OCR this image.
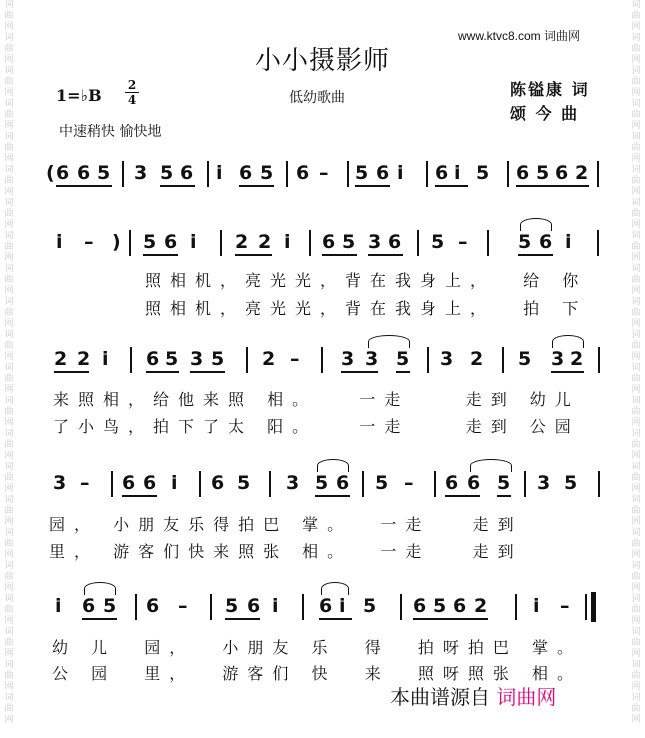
词
曲
网
词
曲
网
词
曲
网
词
曲
网
词
曲
网
词
曲
网
词
曲
网
词
曲
网
词
曲
网
词
曲
网
词
曲
网
词
曲
网
词
曲
网
词
曲
网
词
曲
网
词
曲
网
词
曲
网
词
曲
网
词
曲
网
词
曲
网
词
曲
网
词
曲
网
词
曲
网
词
曲
网
词
曲
网
词
曲
网
词
曲
网
词
曲
网
词
曲
网
词
曲
网
词
曲
网
词
曲
网
词
曲
网
词
曲
网
词
曲
网
词
曲
网
词
曲
网
词
曲
网
词
曲
网
词
曲
网
词
曲
网
词
曲
网
词
曲
网
词
曲
网
www.ktvc8.com 词曲网
小小摄影师
1=♭B
2
4	低幼歌曲	陈镒康 词
颂 今 曲
中速稍快 愉快地
( 6 6 5 3 5 6 i 6 5 6 – 5 6 i 6 i 5 6 5 6 2
i – ) 5 6 i 2 2 i 6 5 3 6 5 –	5 6 i
照相机，亮光光，背在我身上，  给 你
照相机，亮光光，背在我身上，  拍 下
2 2 i 6 5 3 5 2 – 3 3 5 3 2 5 3 2
来照相，给他来照 相。   一走    走到 幼儿
了小鸟，拍下了太 阳。   一走    走到 公园
3 – 6 6 i 6 5 3 5 6 5 – 6 6 5 3 5
园， 小朋友乐得拍巴 掌。  一走   走到
里， 游客们快来照张 相。  一走   走到
i 6 5 6 – 5 6 i 6 i 5 6 5 6 2 i –
幼 儿  园，  小朋友 乐  得  拍呀拍巴 掌。
公 园  里，  游客们 快  来  照呀照张 相。
本曲谱源自 词曲网
